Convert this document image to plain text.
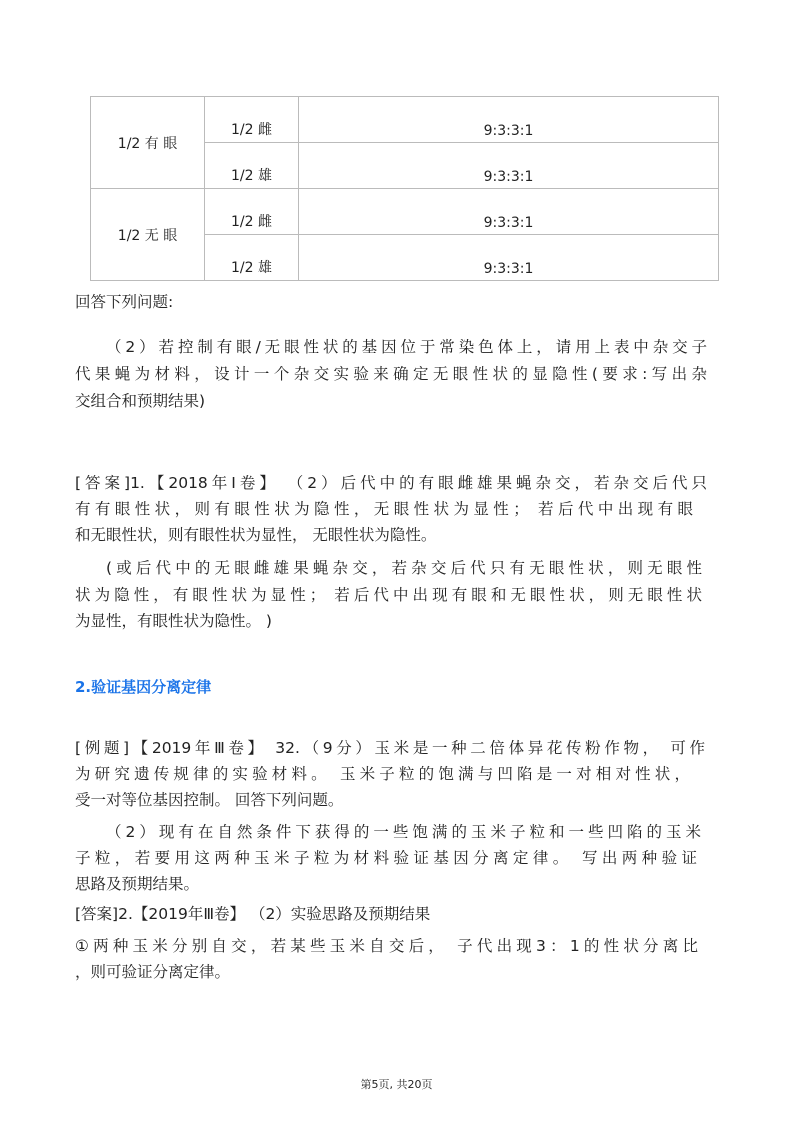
1/2 有 眼	1/2 雌	9:3:3:1
	1/2 雄	9:3:3:1
1/2 无 眼	1/2 雌	9:3:3:1
	1/2 雄	9:3:3:1
回答下列问题:
（2）若控制有眼/无眼性状的基因位于常染色体上，请用上表中杂交子
代果蝇为材料，设计一个杂交实验来确定无眼性状的显隐性(要求:写出杂
交组合和预期结果)
[答案]1.【2018年Ⅰ卷】 （2）后代中的有眼雌雄果蝇杂交，若杂交后代只
有有眼性状，则有眼性状为隐性，无眼性状为显性； 若后代中出现有眼
和无眼性状，则有眼性状为显性， 无眼性状为隐性。
(或后代中的无眼雌雄果蝇杂交，若杂交后代只有无眼性状，则无眼性
状为隐性，有眼性状为显性； 若后代中出现有眼和无眼性状，则无眼性状
为显性，有眼性状为隐性。 )
2.验证基因分离定律
[例题]【2019年Ⅲ卷】 32.（9分）玉米是一种二倍体异花传粉作物， 可作
为研究遗传规律的实验材料。 玉米子粒的饱满与凹陷是一对相对性状，
受一对等位基因控制。 回答下列问题。
（2）现有在自然条件下获得的一些饱满的玉米子粒和一些凹陷的玉米
子粒，若要用这两种玉米子粒为材料验证基因分离定律。 写出两种验证
思路及预期结果。
[答案]2.【2019年Ⅲ卷】 （2）实验思路及预期结果
①两种玉米分别自交，若某些玉米自交后， 子代出现3：1的性状分离比
，则可验证分离定律。
第5页, 共20页
